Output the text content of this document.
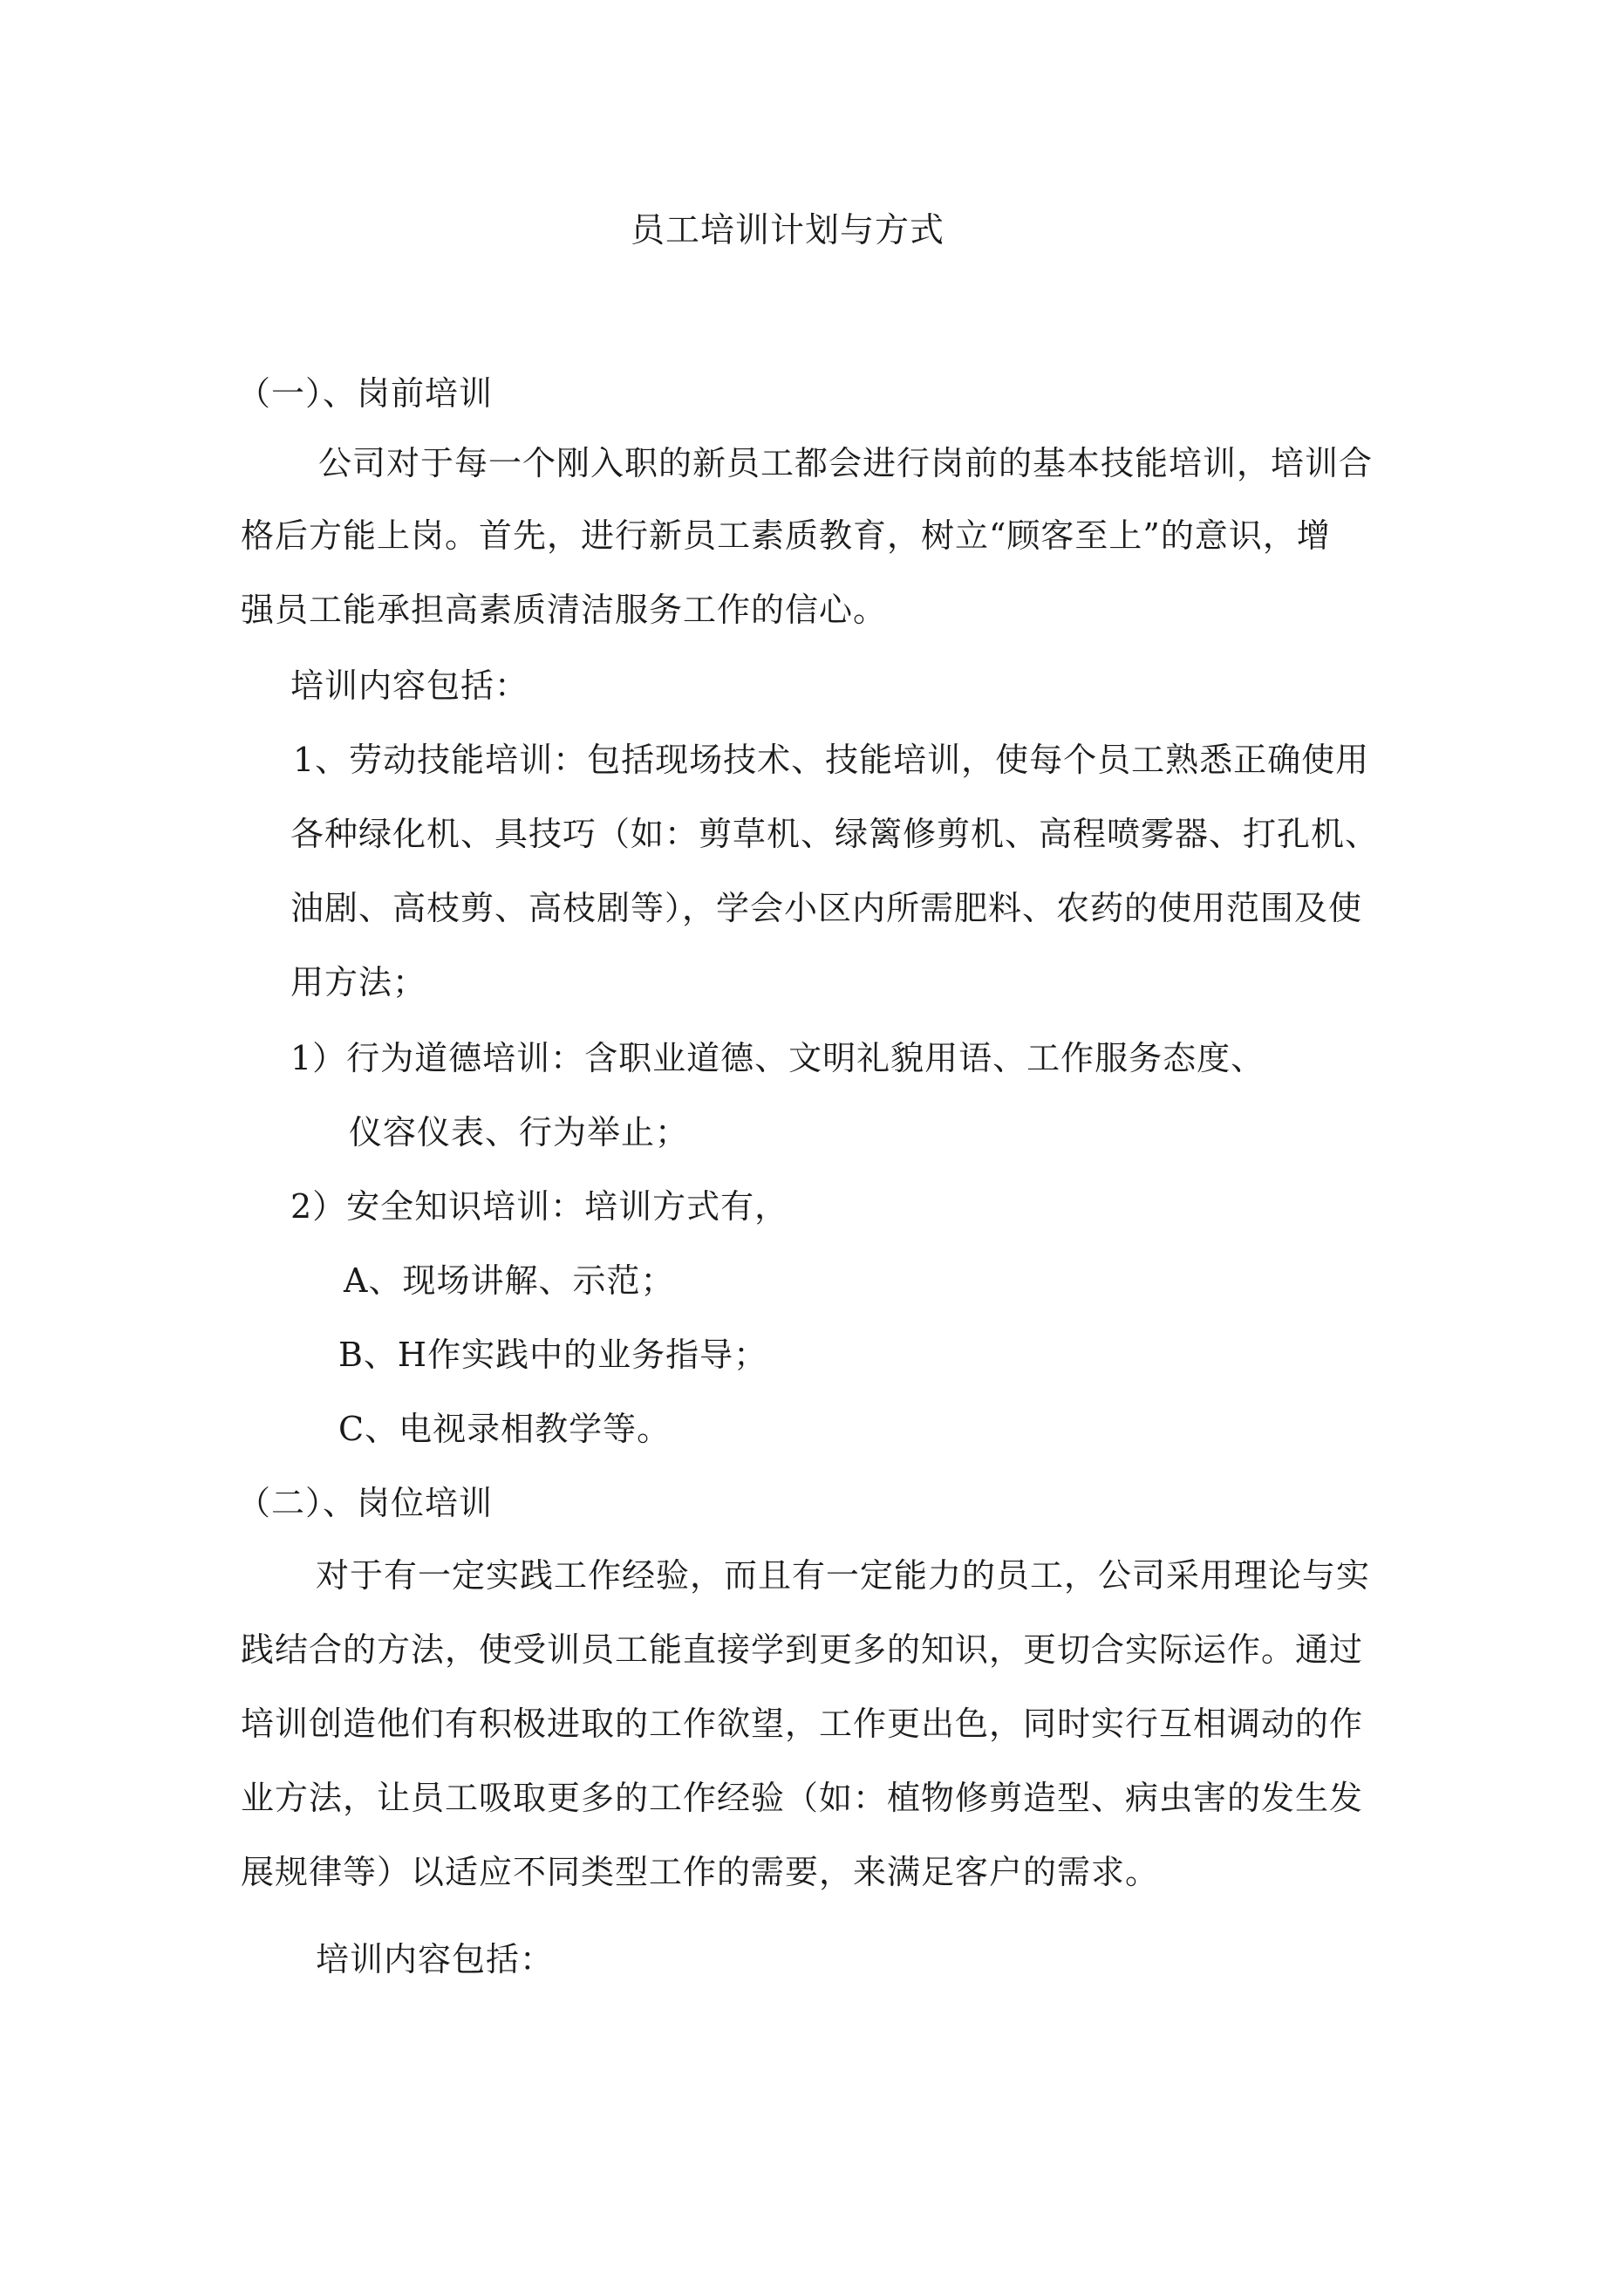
员工培训计划与方式
（一）、岗前培训
公司对于每一个刚入职的新员工都会进行岗前的基本技能培训，培训合
格后方能上岗。首先，进行新员工素质教育，树立“顾客至上”的意识，增
强员工能承担高素质清洁服务工作的信心。
培训内容包括：
1、劳动技能培训：包括现场技术、技能培训，使每个员工熟悉正确使用
各种绿化机、具技巧（如：剪草机、绿篱修剪机、高程喷雾器、打孔机、
油剧、高枝剪、高枝剧等），学会小区内所需肥料、农药的使用范围及使
用方法；
1）行为道德培训：含职业道德、文明礼貌用语、工作服务态度、
仪容仪表、行为举止；
2）安全知识培训：培训方式有，
A、现场讲解、示范；
B、H作实践中的业务指导；
C、电视录相教学等。
（二）、岗位培训
对于有一定实践工作经验，而且有一定能力的员工，公司采用理论与实
践结合的方法，使受训员工能直接学到更多的知识，更切合实际运作。通过
培训创造他们有积极进取的工作欲望，工作更出色，同时实行互相调动的作
业方法，让员工吸取更多的工作经验（如：植物修剪造型、病虫害的发生发
展规律等）以适应不同类型工作的需要，来满足客户的需求。
培训内容包括：
